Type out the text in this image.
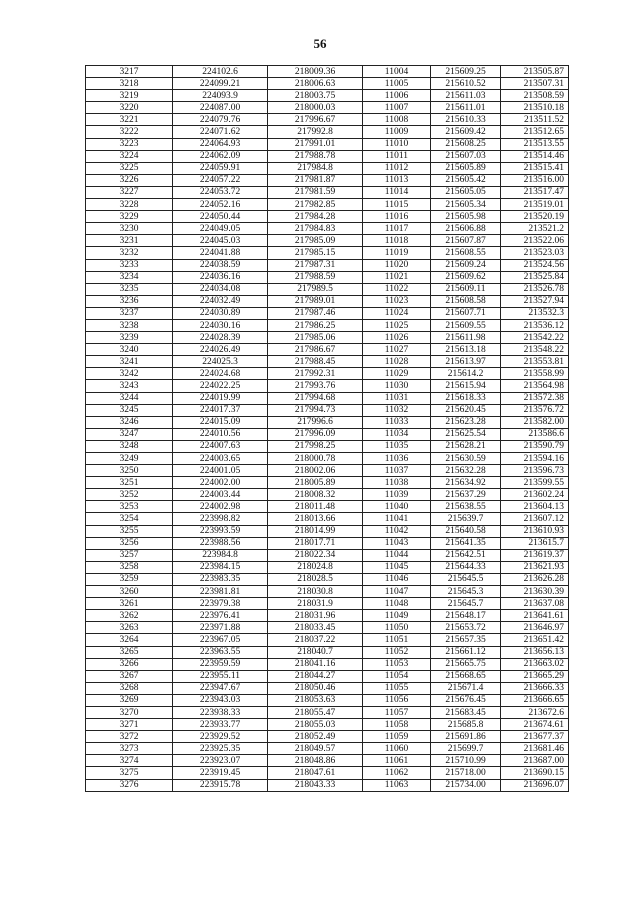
56
3217	224102.6	218009.36	11004	215609.25	213505.87
3218	224099.21	218006.63	11005	215610.52	213507.31
3219	224093.9	218003.75	11006	215611.03	213508.59
3220	224087.00	218000.03	11007	215611.01	213510.18
3221	224079.76	217996.67	11008	215610.33	213511.52
3222	224071.62	217992.8	11009	215609.42	213512.65
3223	224064.93	217991.01	11010	215608.25	213513.55
3224	224062.09	217988.78	11011	215607.03	213514.46
3225	224059.91	217984.8	11012	215605.89	213515.41
3226	224057.22	217981.87	11013	215605.42	213516.00
3227	224053.72	217981.59	11014	215605.05	213517.47
3228	224052.16	217982.85	11015	215605.34	213519.01
3229	224050.44	217984.28	11016	215605.98	213520.19
3230	224049.05	217984.83	11017	215606.88	213521.2
3231	224045.03	217985.09	11018	215607.87	213522.06
3232	224041.88	217985.15	11019	215608.55	213523.03
3233	224038.59	217987.31	11020	215609.24	213524.56
3234	224036.16	217988.59	11021	215609.62	213525.84
3235	224034.08	217989.5	11022	215609.11	213526.78
3236	224032.49	217989.01	11023	215608.58	213527.94
3237	224030.89	217987.46	11024	215607.71	213532.3
3238	224030.16	217986.25	11025	215609.55	213536.12
3239	224028.39	217985.06	11026	215611.98	213542.22
3240	224026.49	217986.67	11027	215613.18	213548.22
3241	224025.3	217988.45	11028	215613.97	213553.81
3242	224024.68	217992.31	11029	215614.2	213558.99
3243	224022.25	217993.76	11030	215615.94	213564.98
3244	224019.99	217994.68	11031	215618.33	213572.38
3245	224017.37	217994.73	11032	215620.45	213576.72
3246	224015.09	217996.6	11033	215623.28	213582.00
3247	224010.56	217996.09	11034	215625.54	213586.6
3248	224007.63	217998.25	11035	215628.21	213590.79
3249	224003.65	218000.78	11036	215630.59	213594.16
3250	224001.05	218002.06	11037	215632.28	213596.73
3251	224002.00	218005.89	11038	215634.92	213599.55
3252	224003.44	218008.32	11039	215637.29	213602.24
3253	224002.98	218011.48	11040	215638.55	213604.13
3254	223998.82	218013.66	11041	215639.7	213607.12
3255	223993.59	218014.99	11042	215640.58	213610.93
3256	223988.56	218017.71	11043	215641.35	213615.7
3257	223984.8	218022.34	11044	215642.51	213619.37
3258	223984.15	218024.8	11045	215644.33	213621.93
3259	223983.35	218028.5	11046	215645.5	213626.28
3260	223981.81	218030.8	11047	215645.3	213630.39
3261	223979.38	218031.9	11048	215645.7	213637.08
3262	223976.41	218031.96	11049	215648.17	213641.61
3263	223971.88	218033.45	11050	215653.72	213646.97
3264	223967.05	218037.22	11051	215657.35	213651.42
3265	223963.55	218040.7	11052	215661.12	213656.13
3266	223959.59	218041.16	11053	215665.75	213663.02
3267	223955.11	218044.27	11054	215668.65	213665.29
3268	223947.67	218050.46	11055	215671.4	213666.33
3269	223943.03	218053.63	11056	215676.45	213666.65
3270	223938.33	218055.47	11057	215683.45	213672.6
3271	223933.77	218055.03	11058	215685.8	213674.61
3272	223929.52	218052.49	11059	215691.86	213677.37
3273	223925.35	218049.57	11060	215699.7	213681.46
3274	223923.07	218048.86	11061	215710.99	213687.00
3275	223919.45	218047.61	11062	215718.00	213690.15
3276	223915.78	218043.33	11063	215734.00	213696.07
